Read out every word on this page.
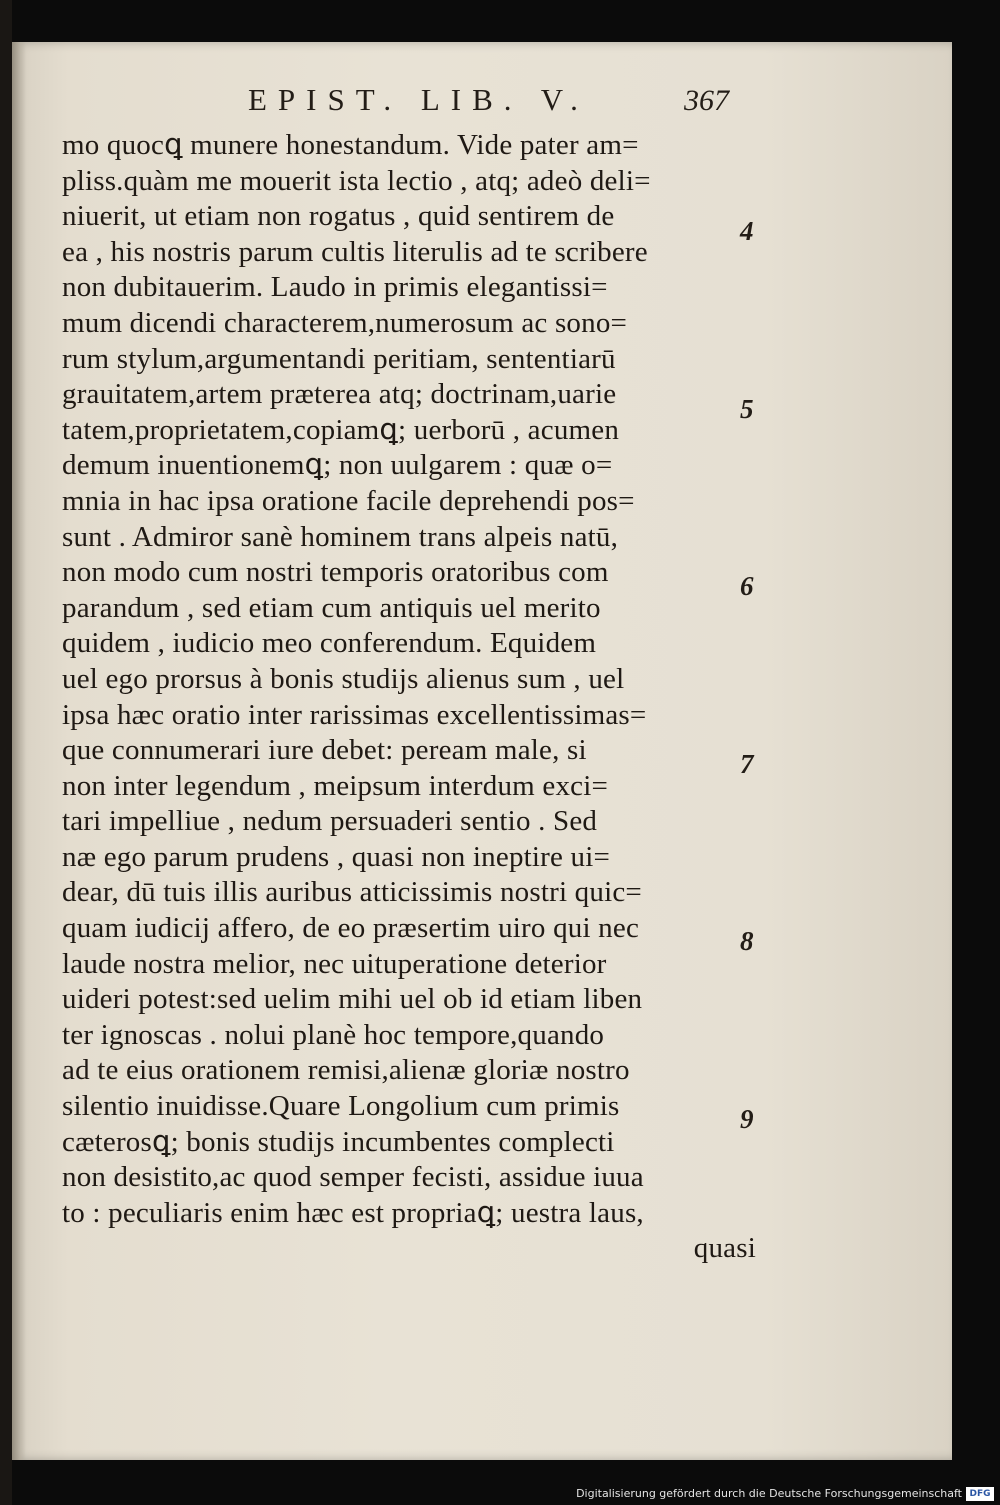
EPIST. LIB. V.	367
mo quocꝗ munere honestandum. Vide pater am=
pliss.quàm me mouerit ista lectio , atq; adeò deli=
niuerit, ut etiam non rogatus , quid sentirem de
ea , his nostris parum cultis literulis ad te scribere
non dubitauerim. Laudo in primis elegantissi=
mum dicendi characterem,numerosum ac sono=
rum stylum,argumentandi peritiam, sententiarū
grauitatem,artem præterea atq; doctrinam,uarie
tatem,proprietatem,copiamꝗ; uerborū , acumen
demum inuentionemꝗ; non uulgarem : quæ o=
mnia in hac ipsa oratione facile deprehendi pos=
sunt . Admiror sanè hominem trans alpeis natū,
non modo cum nostri temporis oratoribus com
parandum , sed etiam cum antiquis uel merito
quidem , iudicio meo conferendum. Equidem
uel ego prorsus à bonis studijs alienus sum , uel
ipsa hæc oratio inter rarissimas excellentissimas=
que connumerari iure debet: peream male, si
non inter legendum , meipsum interdum exci=
tari impelliue , nedum persuaderi sentio . Sed
næ ego parum prudens , quasi non ineptire ui=
dear, dū tuis illis auribus atticissimis nostri quic=
quam iudicij affero, de eo præsertim uiro qui nec
laude nostra melior, nec uituperatione deterior
uideri potest:sed uelim mihi uel ob id etiam liben
ter ignoscas . nolui planè hoc tempore,quando
ad te eius orationem remisi,alienæ gloriæ nostro
silentio inuidisse.Quare Longolium cum primis
cæterosꝗ; bonis studijs incumbentes complecti
non desistito,ac quod semper fecisti, assidue iuua
to : peculiaris enim hæc est propriaꝗ; uestra laus,
quasi
4
5
6
7
8
9
Digitalisierung gefördert durch die Deutsche Forschungsgemeinschaft DFG
